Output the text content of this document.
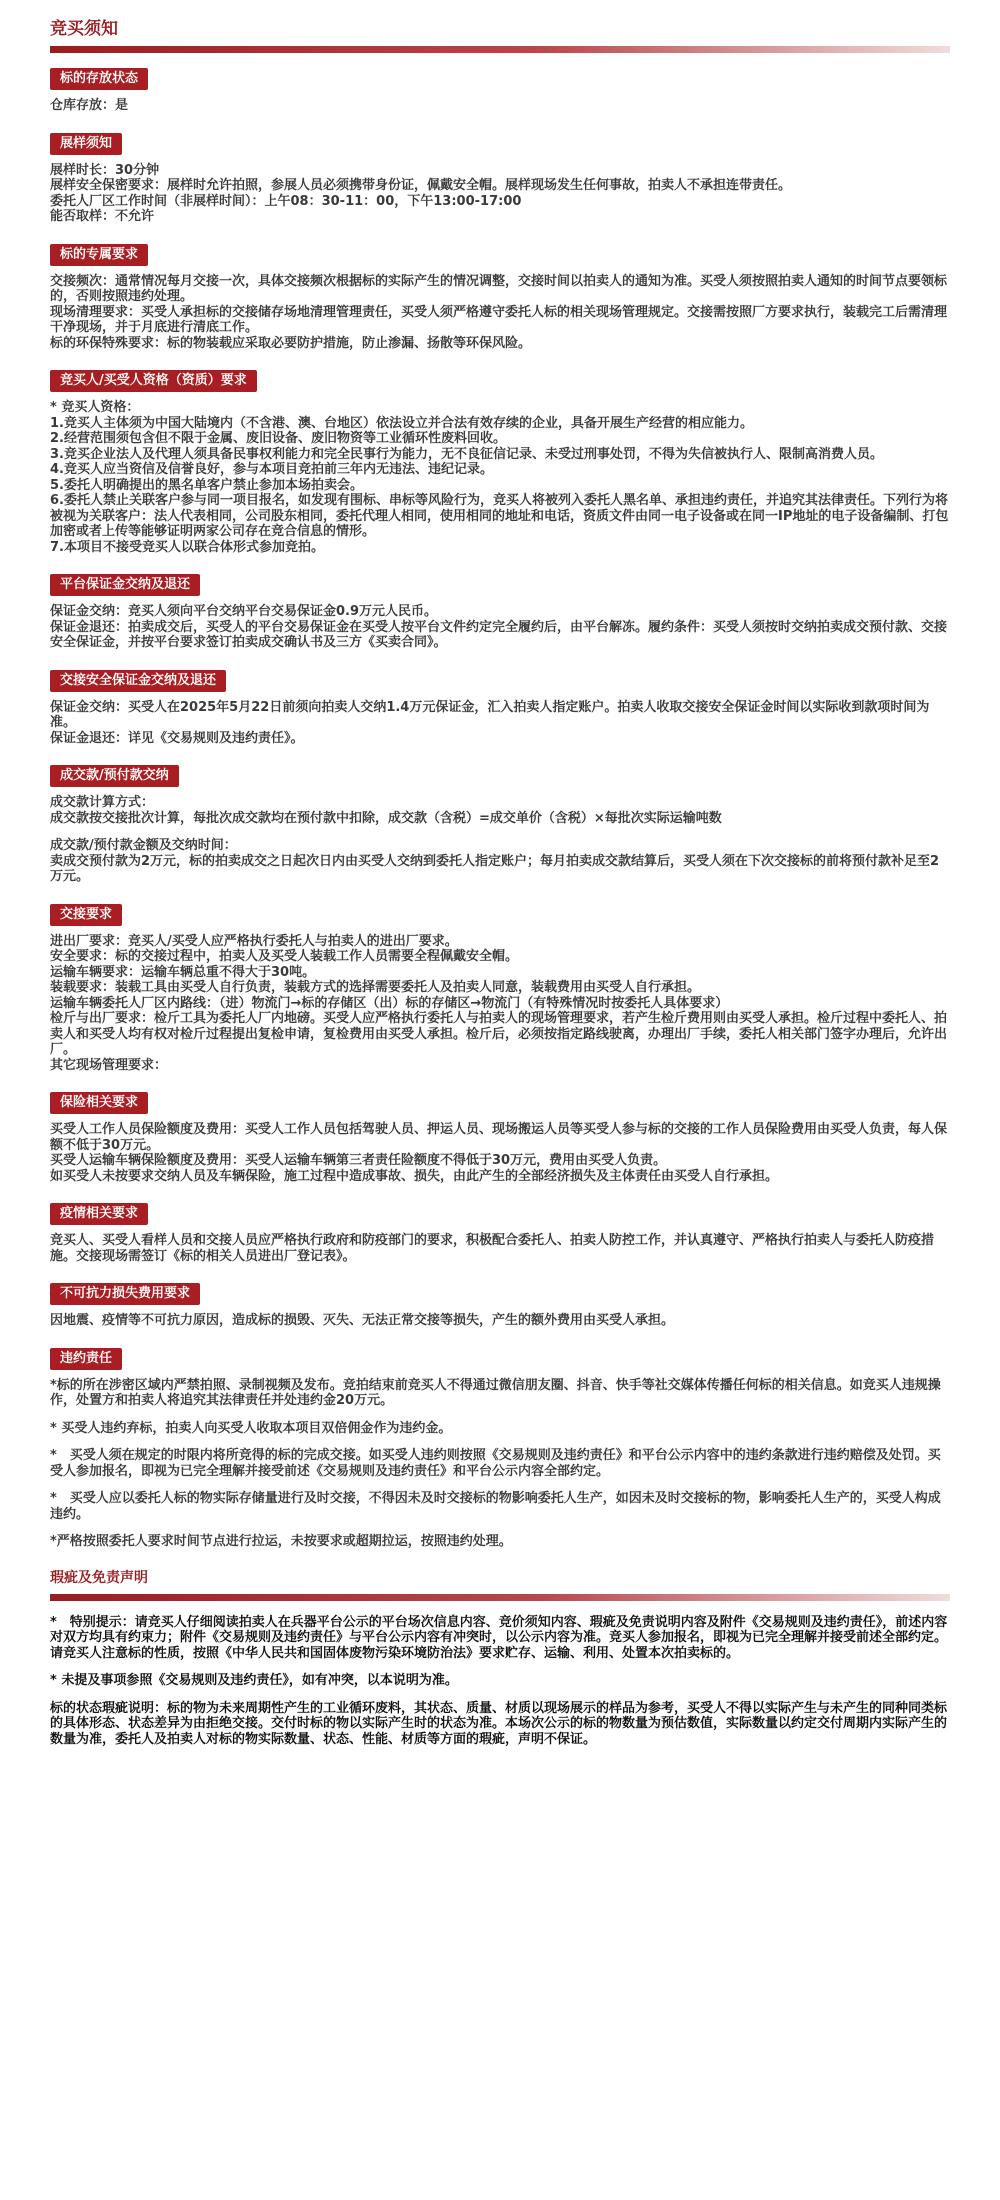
竞买须知
标的存放状态
仓库存放：是
展样须知
展样时长：30分钟
展样安全保密要求：展样时允许拍照，参展人员必须携带身份证，佩戴安全帽。展样现场发生任何事故，拍卖人不承担连带责任。
委托人厂区工作时间（非展样时间）：上午08：30-11：00，下午13:00-17:00
能否取样：不允许
标的专属要求
交接频次：通常情况每月交接一次，具体交接频次根据标的实际产生的情况调整，交接时间以拍卖人的通知为准。买受人须按照拍卖人通知的时间节点要领标的，否则按照违约处理。
现场清理要求：买受人承担标的交接储存场地清理管理责任，买受人须严格遵守委托人标的相关现场管理规定。交接需按照厂方要求执行，装载完工后需清理干净现场，并于月底进行清底工作。
标的环保特殊要求：标的物装载应采取必要防护措施，防止渗漏、扬散等环保风险。
竞买人/买受人资格（资质）要求
* 竞买人资格：
1.竞买人主体须为中国大陆境内（不含港、澳、台地区）依法设立并合法有效存续的企业，具备开展生产经营的相应能力。
2.经营范围须包含但不限于金属、废旧设备、废旧物资等工业循环性废料回收。
3.竞买企业法人及代理人须具备民事权利能力和完全民事行为能力，无不良征信记录、未受过刑事处罚，不得为失信被执行人、限制高消费人员。
4.竞买人应当资信及信誉良好，参与本项目竞拍前三年内无违法、违纪记录。
5.委托人明确提出的黑名单客户禁止参加本场拍卖会。
6.委托人禁止关联客户参与同一项目报名，如发现有围标、串标等风险行为，竞买人将被列入委托人黑名单、承担违约责任，并追究其法律责任。下列行为将被视为关联客户：法人代表相同，公司股东相同，委托代理人相同，使用相同的地址和电话，资质文件由同一电子设备或在同一IP地址的电子设备编制、打包加密或者上传等能够证明两家公司存在竞合信息的情形。
7.本项目不接受竞买人以联合体形式参加竞拍。
平台保证金交纳及退还
保证金交纳：竞买人须向平台交纳平台交易保证金0.9万元人民币。
保证金退还：拍卖成交后，买受人的平台交易保证金在买受人按平台文件约定完全履约后，由平台解冻。履约条件：买受人须按时交纳拍卖成交预付款、交接安全保证金，并按平台要求签订拍卖成交确认书及三方《买卖合同》。
交接安全保证金交纳及退还
保证金交纳：买受人在2025年5月22日前须向拍卖人交纳1.4万元保证金，汇入拍卖人指定账户。拍卖人收取交接安全保证金时间以实际收到款项时间为准。
保证金退还：详见《交易规则及违约责任》。
成交款/预付款交纳
成交款计算方式：
成交款按交接批次计算，每批次成交款均在预付款中扣除，成交款（含税）=成交单价（含税）×每批次实际运输吨数
成交款/预付款金额及交纳时间：
卖成交预付款为2万元，标的拍卖成交之日起次日内由买受人交纳到委托人指定账户；每月拍卖成交款结算后，买受人须在下次交接标的前将预付款补足至2万元。
交接要求
进出厂要求：竞买人/买受人应严格执行委托人与拍卖人的进出厂要求。
安全要求：标的交接过程中，拍卖人及买受人装载工作人员需要全程佩戴安全帽。
运输车辆要求：运输车辆总重不得大于30吨。
装载要求：装载工具由买受人自行负责，装载方式的选择需要委托人及拍卖人同意，装载费用由买受人自行承担。
运输车辆委托人厂区内路线：（进）物流门→标的存储区（出）标的存储区→物流门（有特殊情况时按委托人具体要求）
检斤与出厂要求：检斤工具为委托人厂内地磅。买受人应严格执行委托人与拍卖人的现场管理要求，若产生检斤费用则由买受人承担。检斤过程中委托人、拍卖人和买受人均有权对检斤过程提出复检申请，复检费用由买受人承担。检斤后，必须按指定路线驶离，办理出厂手续，委托人相关部门签字办理后，允许出厂。
其它现场管理要求：
保险相关要求
买受人工作人员保险额度及费用：买受人工作人员包括驾驶人员、押运人员、现场搬运人员等买受人参与标的交接的工作人员保险费用由买受人负责，每人保额不低于30万元。
买受人运输车辆保险额度及费用：买受人运输车辆第三者责任险额度不得低于30万元，费用由买受人负责。
如买受人未按要求交纳人员及车辆保险，施工过程中造成事故、损失，由此产生的全部经济损失及主体责任由买受人自行承担。
疫情相关要求
竞买人、买受人看样人员和交接人员应严格执行政府和防疫部门的要求，积极配合委托人、拍卖人防控工作，并认真遵守、严格执行拍卖人与委托人防疫措施。交接现场需签订《标的相关人员进出厂登记表》。
不可抗力损失费用要求
因地震、疫情等不可抗力原因，造成标的损毁、灭失、无法正常交接等损失，产生的额外费用由买受人承担。
违约责任
*标的所在涉密区域内严禁拍照、录制视频及发布。竞拍结束前竞买人不得通过微信朋友圈、抖音、快手等社交媒体传播任何标的相关信息。如竞买人违规操作，处置方和拍卖人将追究其法律责任并处违约金20万元。
* 买受人违约弃标，拍卖人向买受人收取本项目双倍佣金作为违约金。
*　买受人须在规定的时限内将所竞得的标的完成交接。如买受人违约则按照《交易规则及违约责任》和平台公示内容中的违约条款进行违约赔偿及处罚。买受人参加报名，即视为已完全理解并接受前述《交易规则及违约责任》和平台公示内容全部约定。
*　买受人应以委托人标的物实际存储量进行及时交接，不得因未及时交接标的物影响委托人生产，如因未及时交接标的物，影响委托人生产的，买受人构成违约。
*严格按照委托人要求时间节点进行拉运，未按要求或超期拉运，按照违约处理。
瑕疵及免责声明
*　特别提示：请竞买人仔细阅读拍卖人在兵器平台公示的平台场次信息内容、竞价须知内容、瑕疵及免责说明内容及附件《交易规则及违约责任》，前述内容对双方均具有约束力；附件《交易规则及违约责任》与平台公示内容有冲突时，以公示内容为准。竞买人参加报名，即视为已完全理解并接受前述全部约定。请竞买人注意标的性质，按照《中华人民共和国固体废物污染环境防治法》要求贮存、运输、利用、处置本次拍卖标的。
* 未提及事项参照《交易规则及违约责任》，如有冲突，以本说明为准。
标的状态瑕疵说明：标的物为未来周期性产生的工业循环废料，其状态、质量、材质以现场展示的样品为参考，买受人不得以实际产生与未产生的同种同类标的具体形态、状态差异为由拒绝交接。交付时标的物以实际产生时的状态为准。本场次公示的标的物数量为预估数值，实际数量以约定交付周期内实际产生的数量为准，委托人及拍卖人对标的物实际数量、状态、性能、材质等方面的瑕疵，声明不保证。
